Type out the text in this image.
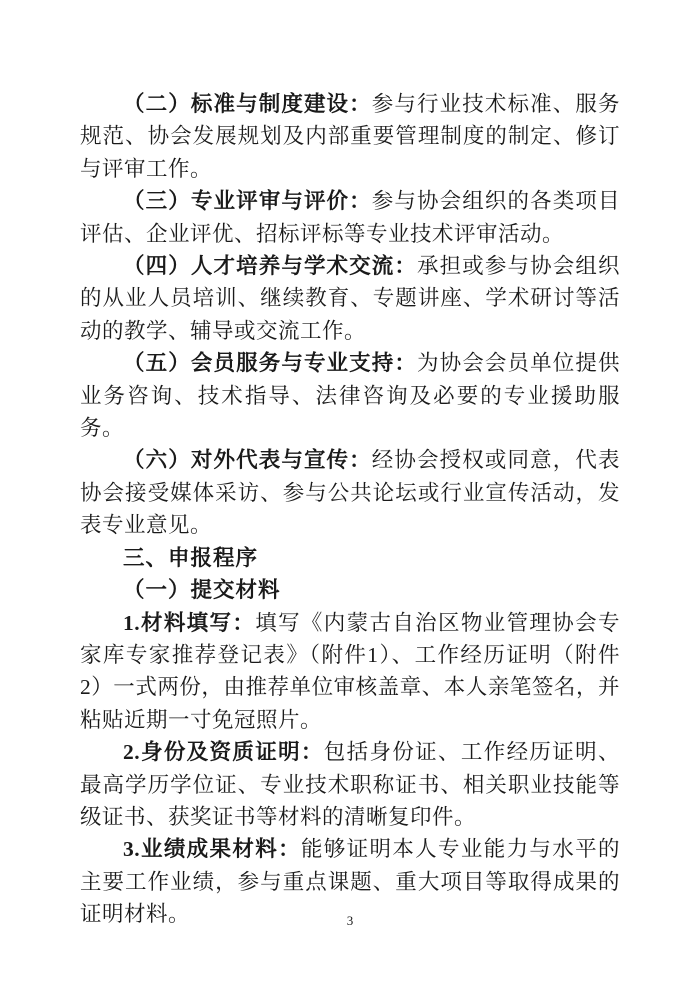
（二）标准与制度建设：参与行业技术标准、服务规范、协会发展规划及内部重要管理制度的制定、修订与评审工作。

（三）专业评审与评价：参与协会组织的各类项目评估、企业评优、招标评标等专业技术评审活动。

（四）人才培养与学术交流：承担或参与协会组织的从业人员培训、继续教育、专题讲座、学术研讨等活动的教学、辅导或交流工作。

（五）会员服务与专业支持：为协会会员单位提供业务咨询、技术指导、法律咨询及必要的专业援助服务。

（六）对外代表与宣传：经协会授权或同意，代表协会接受媒体采访、参与公共论坛或行业宣传活动，发表专业意见。

三、申报程序

（一）提交材料

1.材料填写：填写《内蒙古自治区物业管理协会专家库专家推荐登记表》（附件1）、工作经历证明（附件2）一式两份，由推荐单位审核盖章、本人亲笔签名，并粘贴近期一寸免冠照片。

2.身份及资质证明：包括身份证、工作经历证明、最高学历学位证、专业技术职称证书、相关职业技能等级证书、获奖证书等材料的清晰复印件。

3.业绩成果材料：能够证明本人专业能力与水平的主要工作业绩，参与重点课题、重大项目等取得成果的证明材料。	3
